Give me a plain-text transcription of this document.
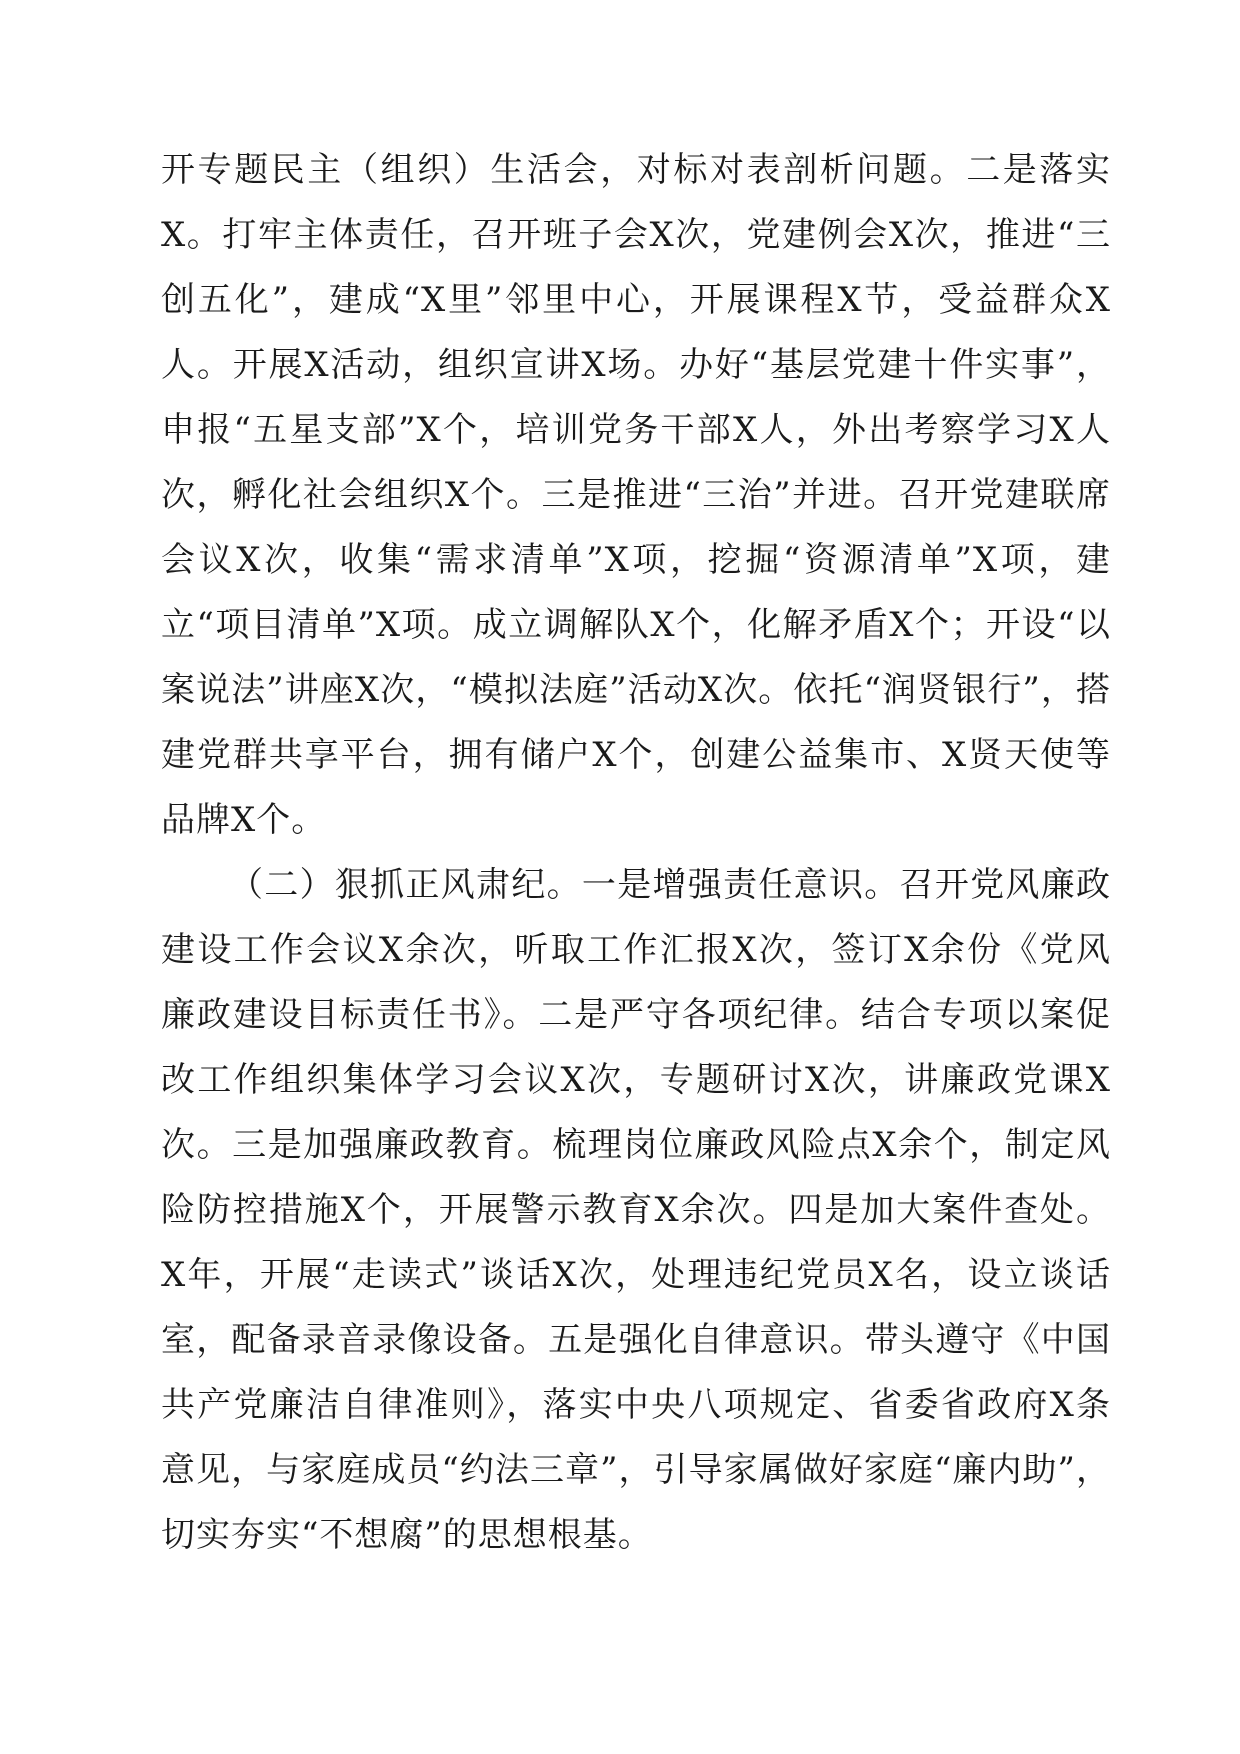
开专题民主（组织）生活会，对标对表剖析问题。二是落实X。打牢主体责任，召开班子会X次，党建例会X次，推进“三创五化”，建成“X里”邻里中心，开展课程X节，受益群众X人。开展X活动，组织宣讲X场。办好“基层党建十件实事”，申报“五星支部”X个，培训党务干部X人，外出考察学习X人次，孵化社会组织X个。三是推进“三治”并进。召开党建联席会议X次，收集“需求清单”X项，挖掘“资源清单”X项，建立“项目清单”X项。成立调解队X个，化解矛盾X个；开设“以案说法”讲座X次，“模拟法庭”活动X次。依托“润贤银行”，搭建党群共享平台，拥有储户X个，创建公益集市、X贤天使等品牌X个。

（二）狠抓正风肃纪。一是增强责任意识。召开党风廉政建设工作会议X余次，听取工作汇报X次，签订X余份《党风廉政建设目标责任书》。二是严守各项纪律。结合专项以案促改工作组织集体学习会议X次，专题研讨X次，讲廉政党课X次。三是加强廉政教育。梳理岗位廉政风险点X余个，制定风险防控措施X个，开展警示教育X余次。四是加大案件查处。X年，开展“走读式”谈话X次，处理违纪党员X名，设立谈话室，配备录音录像设备。五是强化自律意识。带头遵守《中国共产党廉洁自律准则》，落实中央八项规定、省委省政府X条意见，与家庭成员“约法三章”，引导家属做好家庭“廉内助”，切实夯实“不想腐”的思想根基。
